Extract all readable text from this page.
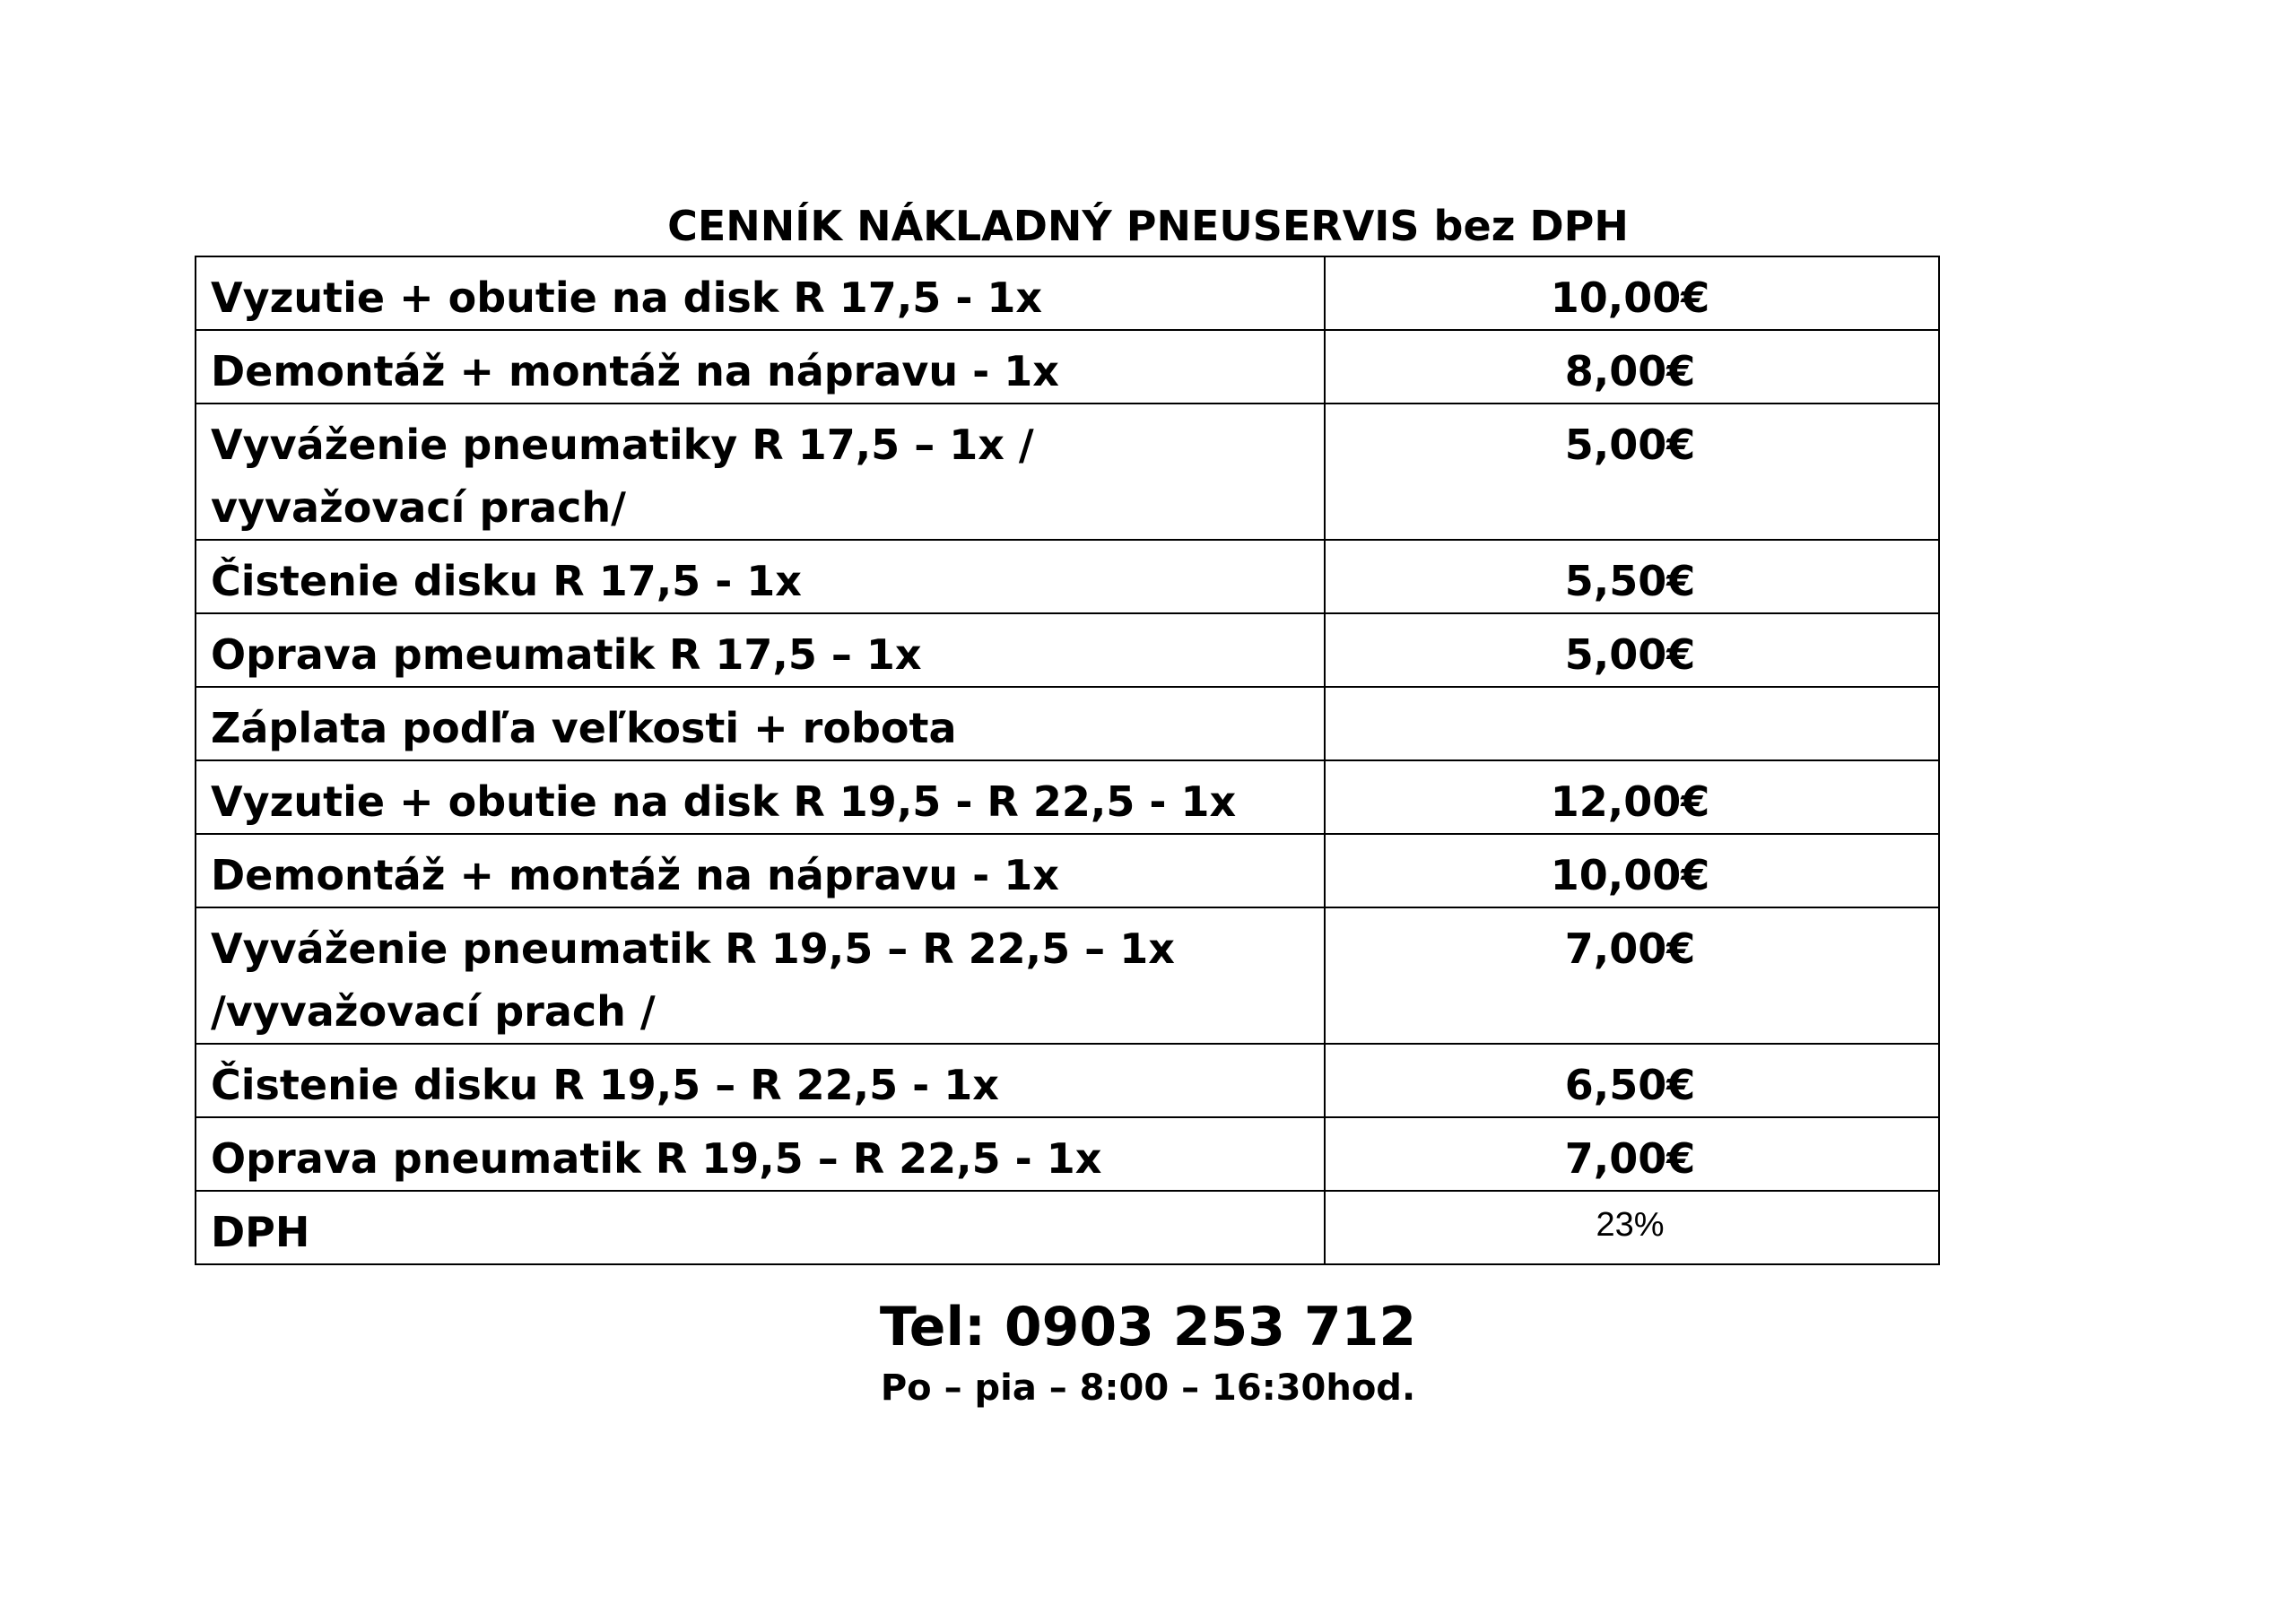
CENNÍK NÁKLADNÝ PNEUSERVIS bez DPH
Vyzutie + obutie na disk R 17,5 - 1x	10,00€
Demontáž + montáž na nápravu - 1x	8,00€
Vyváženie pneumatiky R 17,5 – 1x /
vyvažovací prach/	5,00€
Čistenie disku R 17,5 - 1x	5,50€
Oprava pmeumatik R 17,5 – 1x	5,00€
Záplata podľa veľkosti + robota	
Vyzutie + obutie na disk R 19,5 - R 22,5 - 1x	12,00€
Demontáž + montáž na nápravu - 1x	10,00€
Vyváženie pneumatik R 19,5 – R 22,5 – 1x
/vyvažovací prach /	7,00€
Čistenie disku R 19,5 – R 22,5 - 1x	6,50€
Oprava pneumatik R 19,5 – R 22,5 - 1x	7,00€
DPH	23%
Tel: 0903 253 712
Po – pia – 8:00 – 16:30hod.
